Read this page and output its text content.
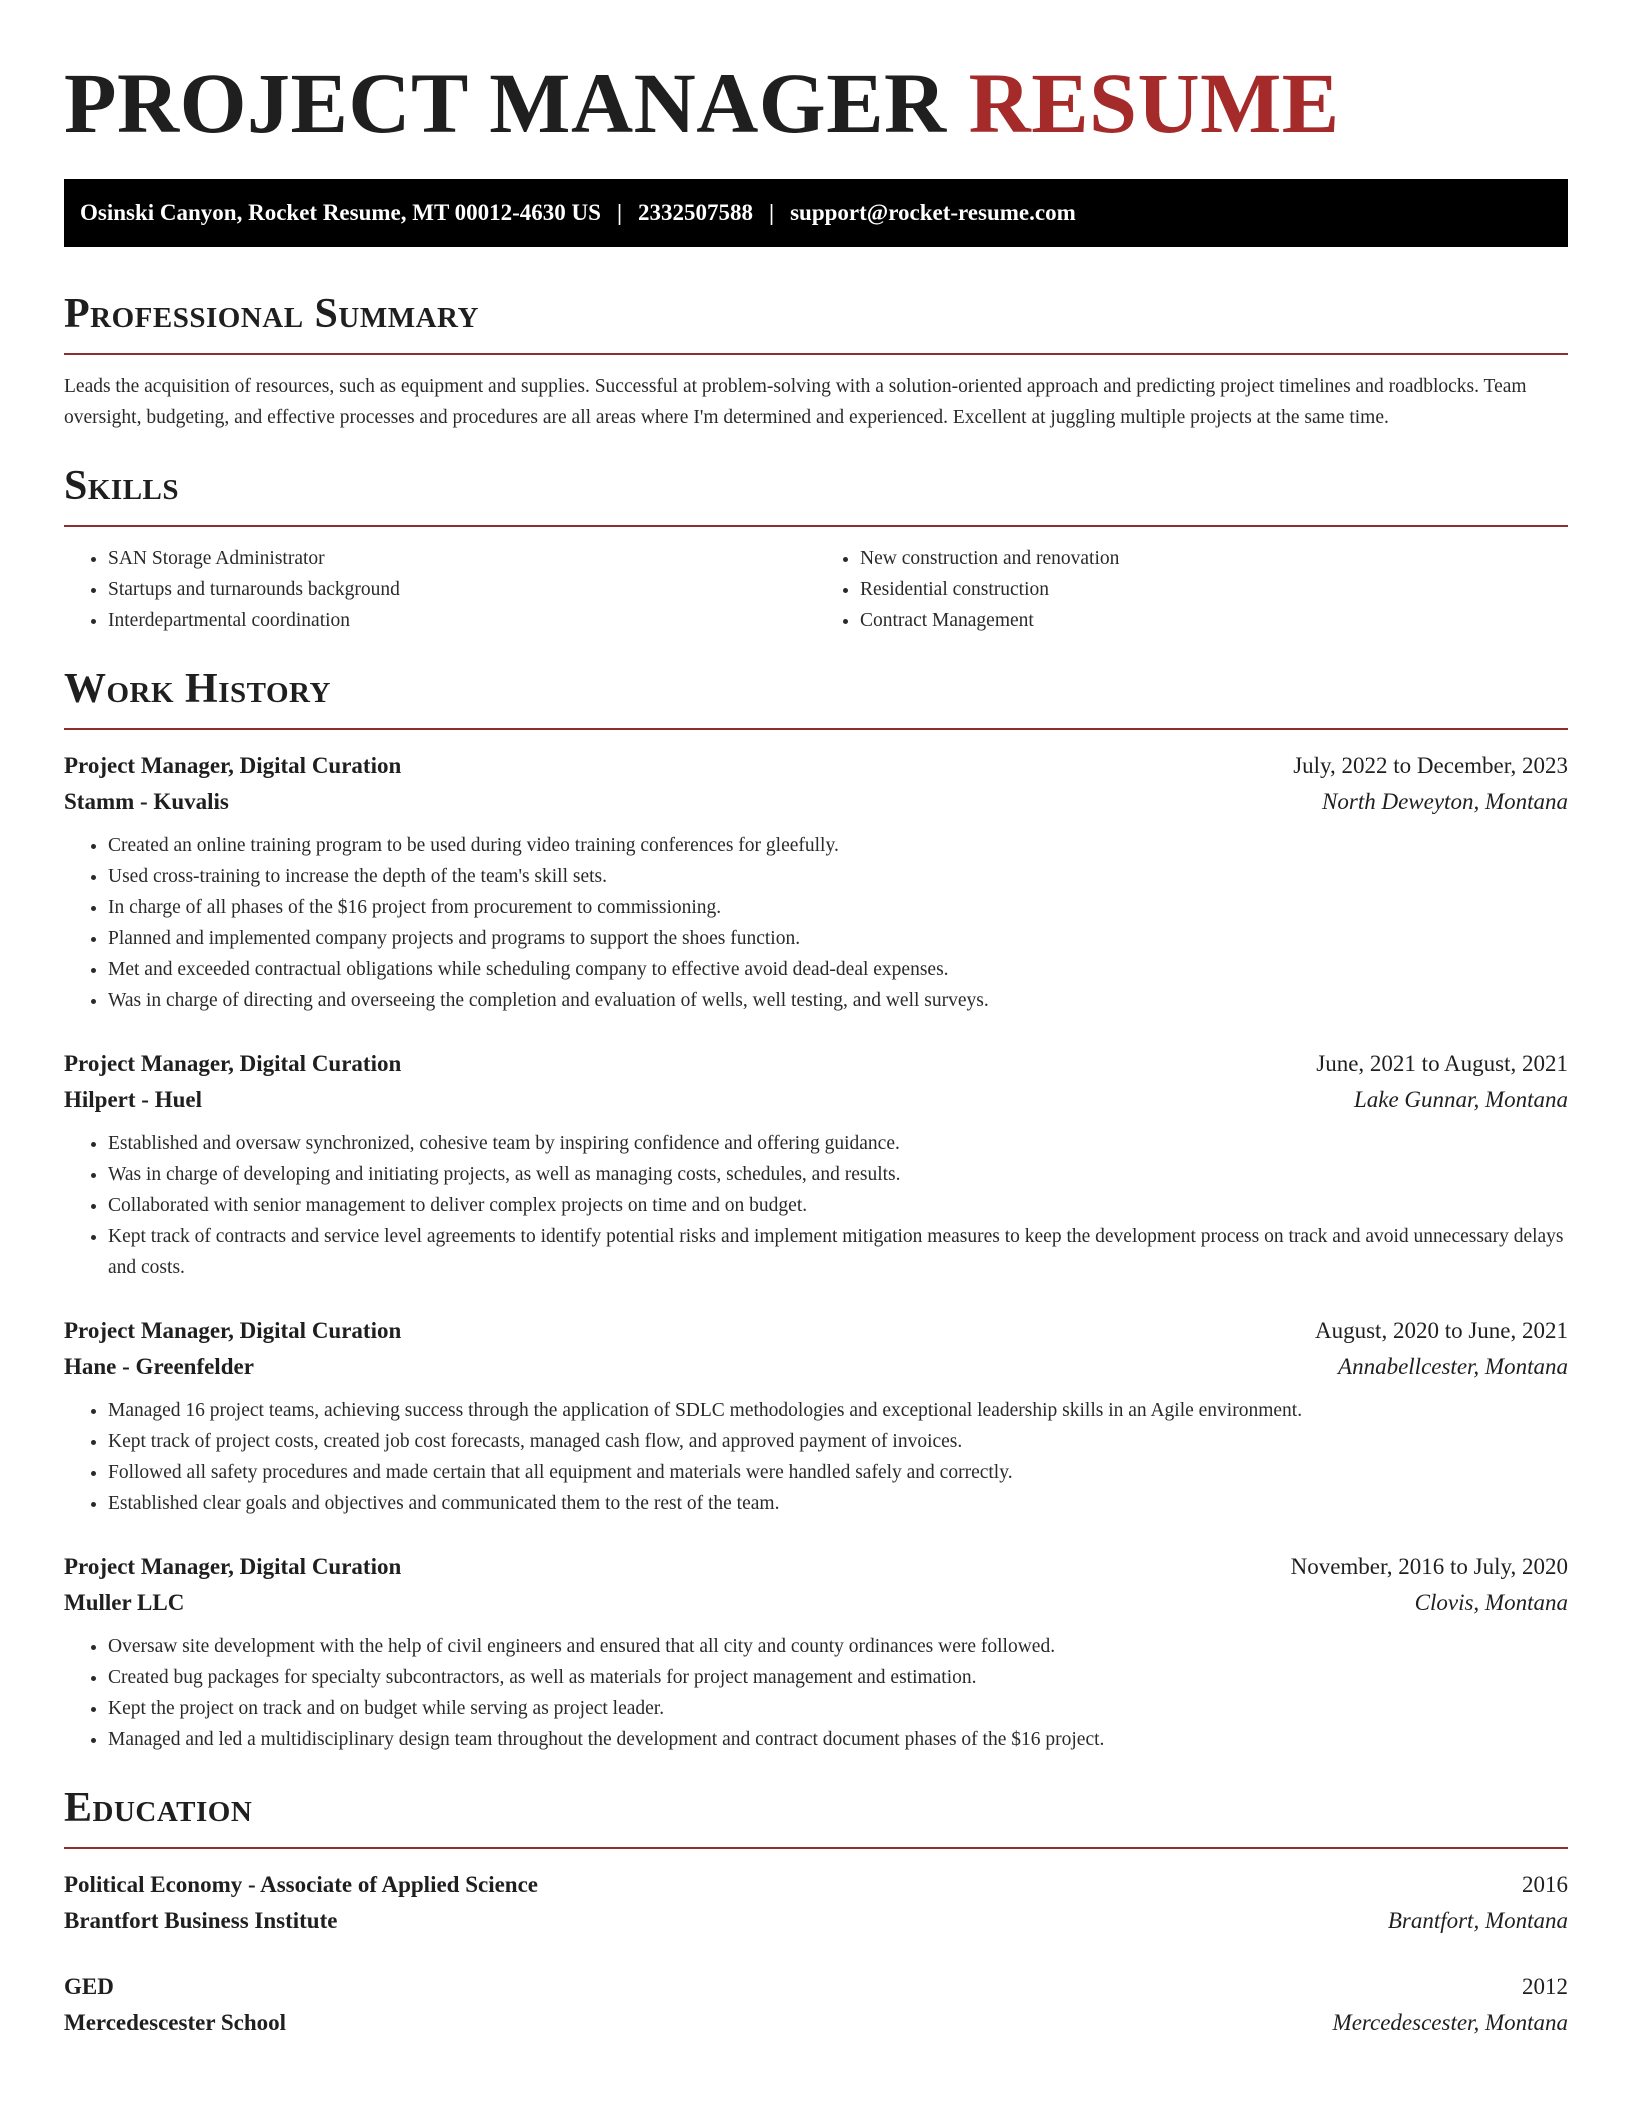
PROJECT MANAGER RESUME
Osinski Canyon, Rocket Resume, MT 00012-4630 US | 2332507588 | support@rocket-resume.com
Professional Summary

Leads the acquisition of resources, such as equipment and supplies. Successful at problem-solving with a solution-oriented approach and predicting project timelines and roadblocks. Team oversight, budgeting, and effective processes and procedures are all areas where I'm determined and experienced. Excellent at juggling multiple projects at the same time.

Skills
• SAN Storage Administrator
• Startups and turnarounds background
• Interdepartmental coordination
• New construction and renovation
• Residential construction
• Contract Management
Work History
Project Manager, Digital Curation	July, 2022 to December, 2023
Stamm - Kuvalis	North Deweyton, Montana
• Created an online training program to be used during video training conferences for gleefully.
• Used cross-training to increase the depth of the team's skill sets.
• In charge of all phases of the $16 project from procurement to commissioning.
• Planned and implemented company projects and programs to support the shoes function.
• Met and exceeded contractual obligations while scheduling company to effective avoid dead-deal expenses.
• Was in charge of directing and overseeing the completion and evaluation of wells, well testing, and well surveys.
Project Manager, Digital Curation	June, 2021 to August, 2021
Hilpert - Huel	Lake Gunnar, Montana
• Established and oversaw synchronized, cohesive team by inspiring confidence and offering guidance.
• Was in charge of developing and initiating projects, as well as managing costs, schedules, and results.
• Collaborated with senior management to deliver complex projects on time and on budget.
• Kept track of contracts and service level agreements to identify potential risks and implement mitigation measures to keep the development process on track and avoid unnecessary delays and costs.
Project Manager, Digital Curation	August, 2020 to June, 2021
Hane - Greenfelder	Annabellcester, Montana
• Managed 16 project teams, achieving success through the application of SDLC methodologies and exceptional leadership skills in an Agile environment.
• Kept track of project costs, created job cost forecasts, managed cash flow, and approved payment of invoices.
• Followed all safety procedures and made certain that all equipment and materials were handled safely and correctly.
• Established clear goals and objectives and communicated them to the rest of the team.
Project Manager, Digital Curation	November, 2016 to July, 2020
Muller LLC	Clovis, Montana
• Oversaw site development with the help of civil engineers and ensured that all city and county ordinances were followed.
• Created bug packages for specialty subcontractors, as well as materials for project management and estimation.
• Kept the project on track and on budget while serving as project leader.
• Managed and led a multidisciplinary design team throughout the development and contract document phases of the $16 project.
Education
Political Economy - Associate of Applied Science	2016
Brantfort Business Institute	Brantfort, Montana
GED	2012
Mercedescester School	Mercedescester, Montana
